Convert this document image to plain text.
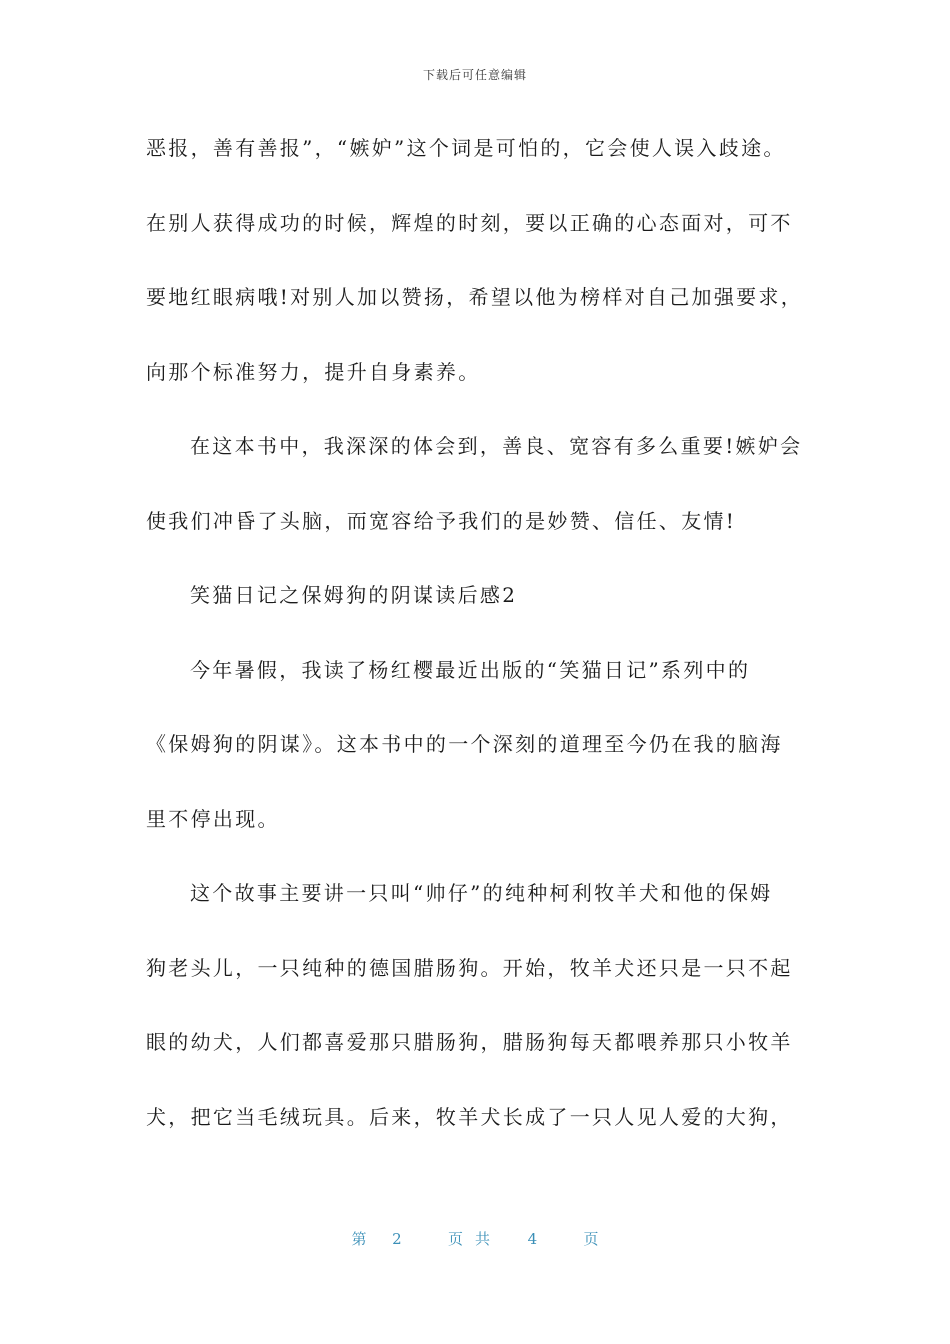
下载后可任意编辑
恶报，善有善报”，“嫉妒”这个词是可怕的，它会使人误入歧途。
在别人获得成功的时候，辉煌的时刻，要以正确的心态面对，可不
要地红眼病哦!对别人加以赞扬，希望以他为榜样对自己加强要求，
向那个标准努力，提升自身素养。
在这本书中，我深深的体会到，善良、宽容有多么重要!嫉妒会
使我们冲昏了头脑，而宽容给予我们的是妙赞、信任、友情!
笑猫日记之保姆狗的阴谋读后感2
今年暑假，我读了杨红樱最近出版的“笑猫日记”系列中的
《保姆狗的阴谋》。这本书中的一个深刻的道理至今仍在我的脑海
里不停出现。
这个故事主要讲一只叫“帅仔”的纯种柯利牧羊犬和他的保姆
狗老头儿，一只纯种的德国腊肠狗。开始，牧羊犬还只是一只不起
眼的幼犬，人们都喜爱那只腊肠狗，腊肠狗每天都喂养那只小牧羊
犬，把它当毛绒玩具。后来，牧羊犬长成了一只人见人爱的大狗，
第 2	页共 4	页
